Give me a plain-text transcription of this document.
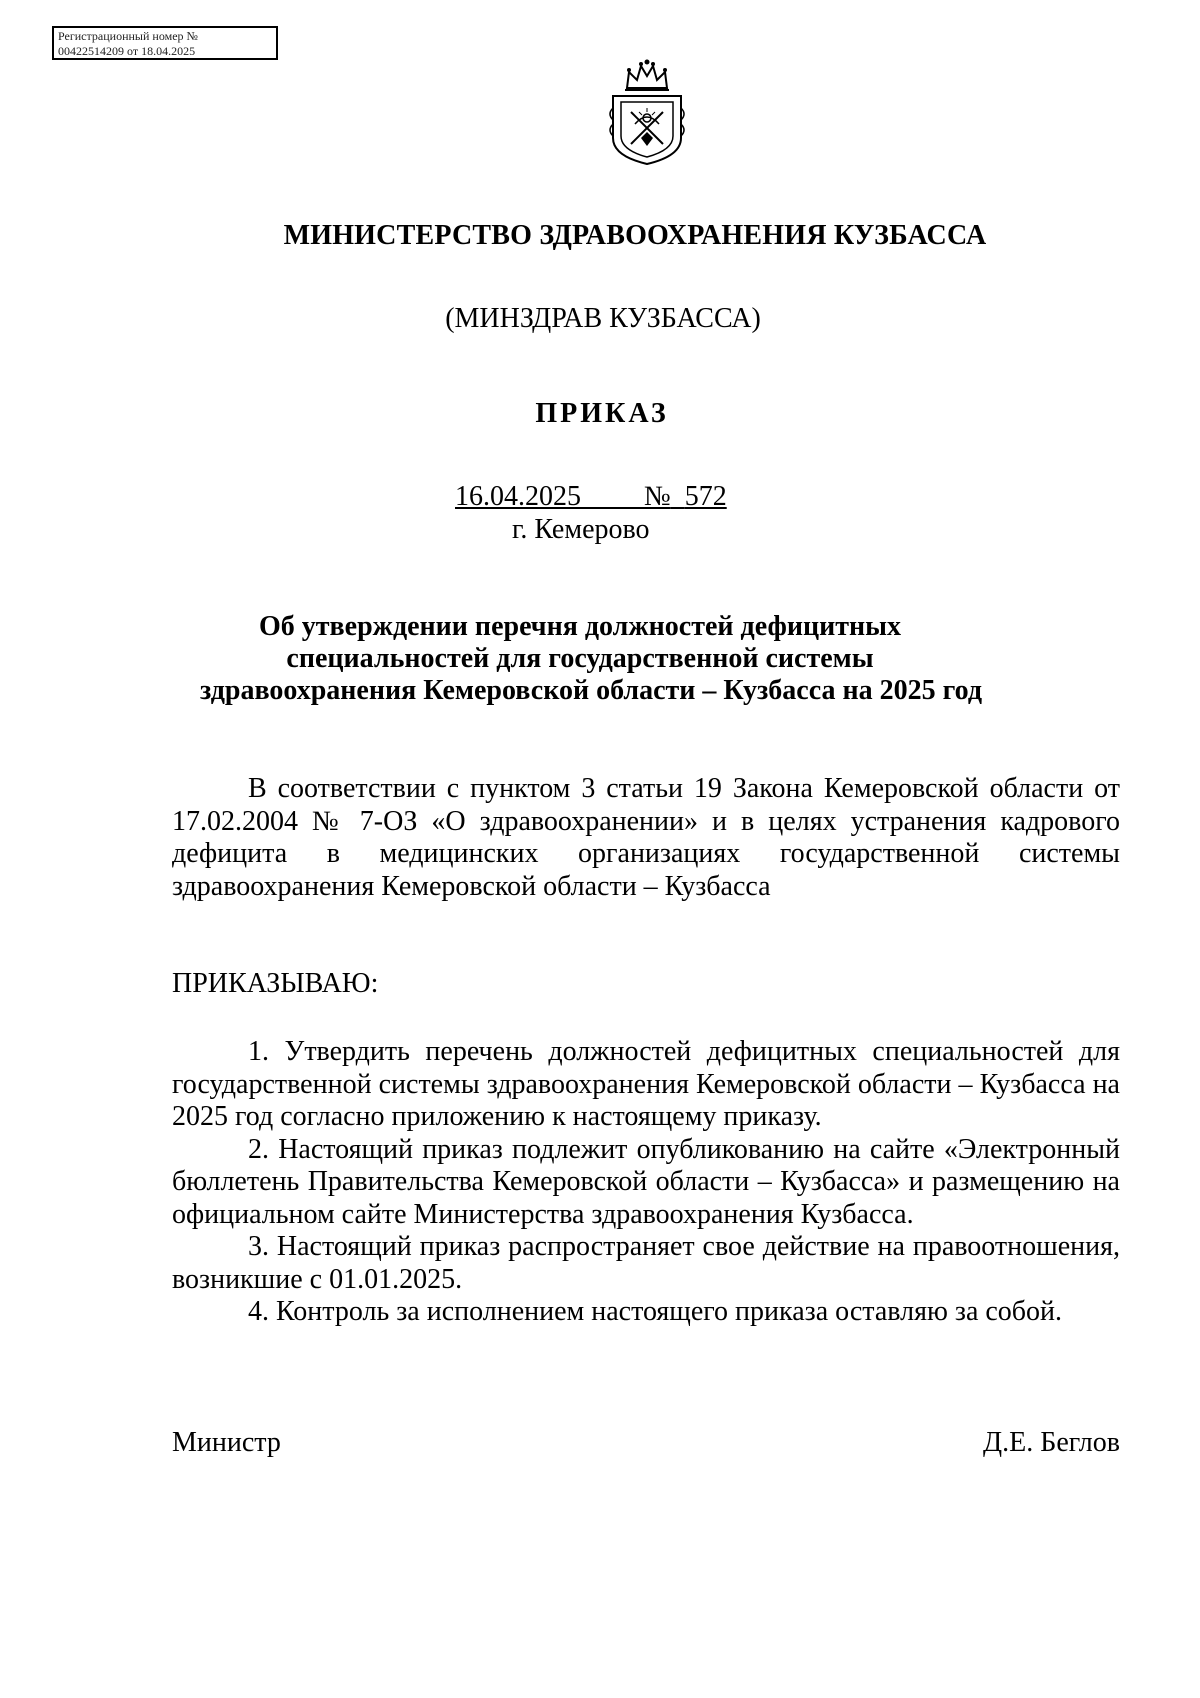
Регистрационный номер №
00422514209 от 18.04.2025
МИНИСТЕРСТВО ЗДРАВООХРАНЕНИЯ КУЗБАССА
(МИНЗДРАВ КУЗБАССА)
ПРИКАЗ
16.04.2025   _    № 572
г. Кемерово
Об утверждении перечня должностей дефицитных
специальностей для государственной системы
здравоохранения Кемеровской области – Кузбасса на 2025 год
В соответствии с пунктом 3 статьи 19 Закона Кемеровской области от 17.02.2004 № 7-ОЗ «О здравоохранении» и в целях устранения кадрового дефицита в медицинских организациях государственной системы здравоохранения Кемеровской области – Кузбасса
ПРИКАЗЫВАЮ:

1. Утвердить перечень должностей дефицитных специальностей для государственной системы здравоохранения Кемеровской области – Кузбасса на 2025 год согласно приложению к настоящему приказу.

2. Настоящий приказ подлежит опубликованию на сайте «Электронный бюллетень Правительства Кемеровской области – Кузбасса» и размещению на официальном сайте Министерства здравоохранения Кузбасса.

3. Настоящий приказ распространяет свое действие на правоотношения, возникшие с 01.01.2025.

4. Контроль за исполнением настоящего приказа оставляю за собой.

Министр	Д.Е. Беглов
